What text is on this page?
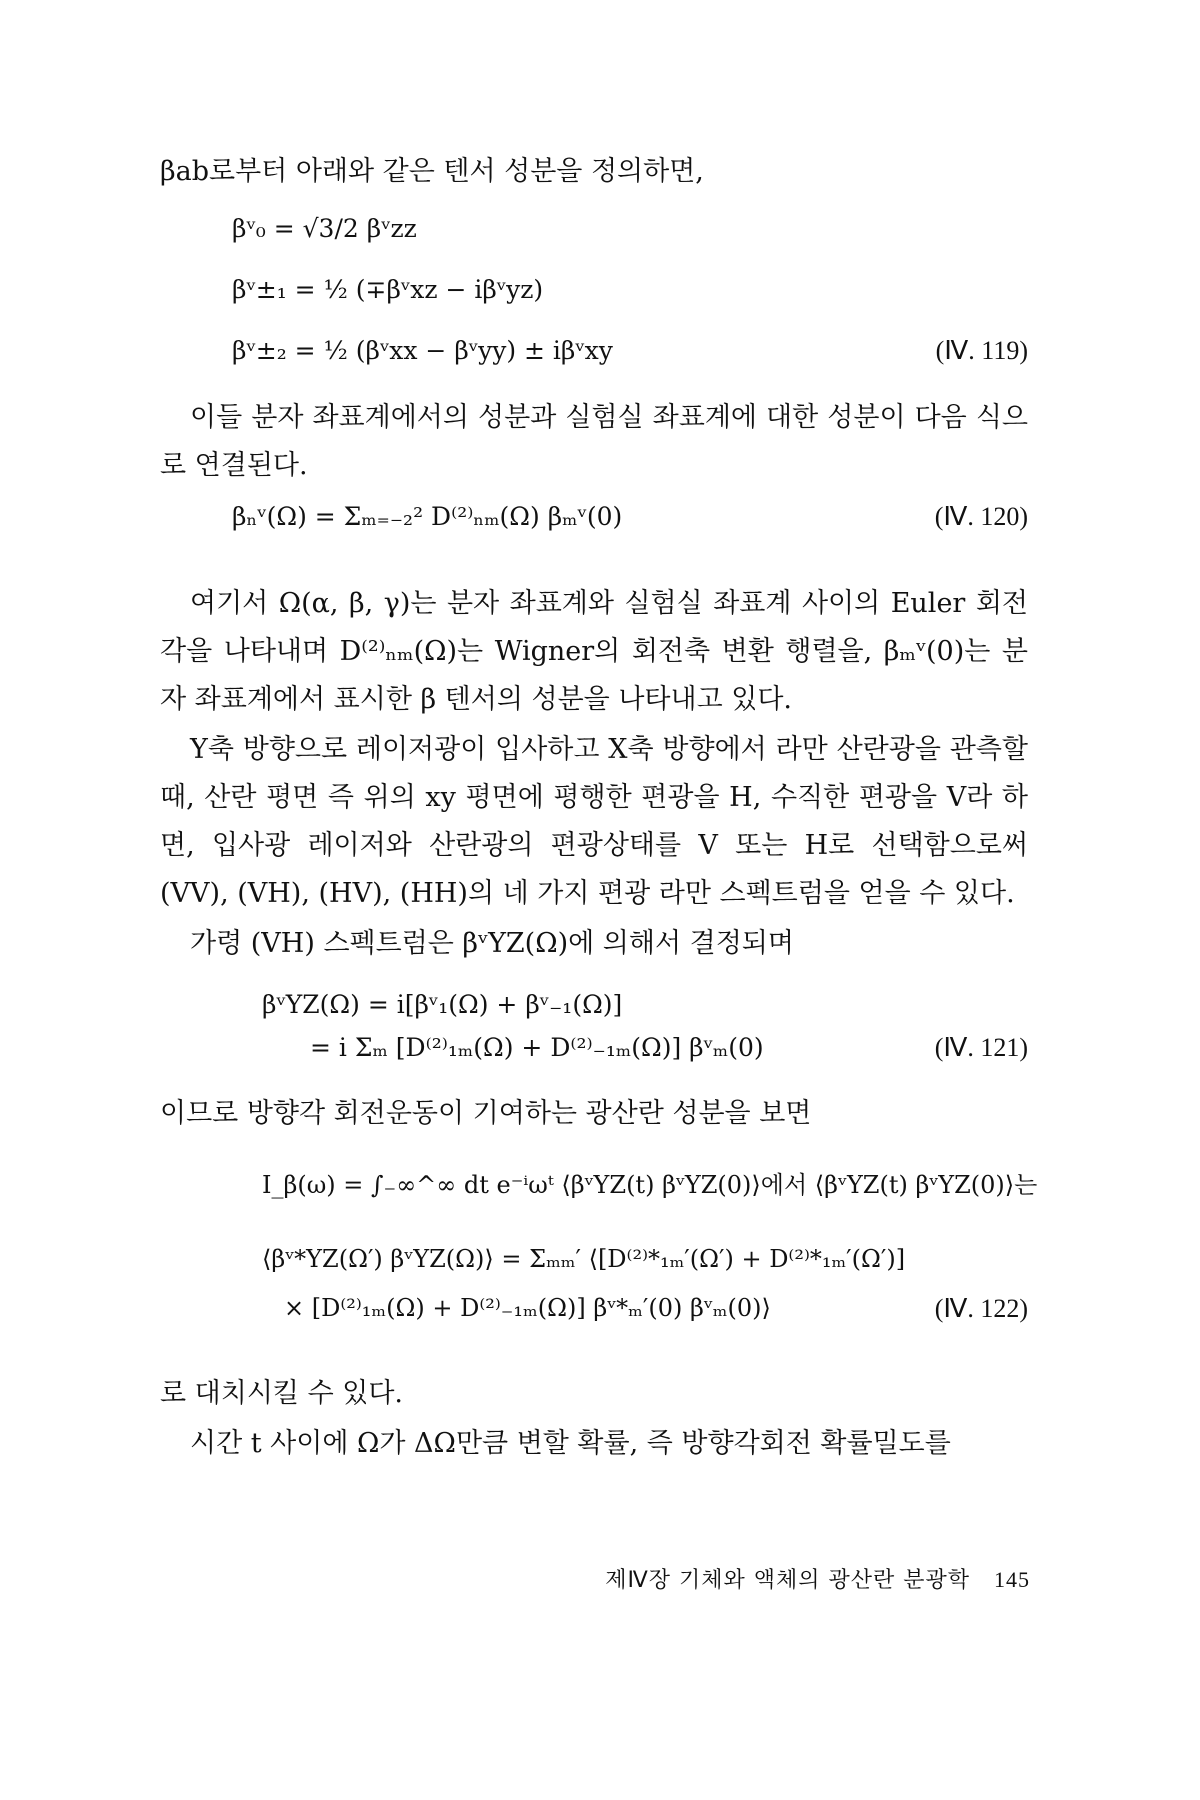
βab로부터 아래와 같은 텐서 성분을 정의하면,

βᵛ₀ = √3/2 βᵛzz
βᵛ±₁ = ½ (∓βᵛxz − iβᵛyz)
βᵛ±₂ = ½ (βᵛxx − βᵛyy) ± iβᵛxy	(Ⅳ. 119)

이들 분자 좌표계에서의 성분과 실험실 좌표계에 대한 성분이 다음 식으로 연결된다.

βₙᵛ(Ω) = Σₘ₌₋₂² D⁽²⁾ₙₘ(Ω) βₘᵛ(0)	(Ⅳ. 120)

여기서 Ω(α, β, γ)는 분자 좌표계와 실험실 좌표계 사이의 Euler 회전각을 나타내며 D⁽²⁾ₙₘ(Ω)는 Wigner의 회전축 변환 행렬을, βₘᵛ(0)는 분자 좌표계에서 표시한 β 텐서의 성분을 나타내고 있다.

Y축 방향으로 레이저광이 입사하고 X축 방향에서 라만 산란광을 관측할 때, 산란 평면 즉 위의 xy 평면에 평행한 편광을 H, 수직한 편광을 V라 하면, 입사광 레이저와 산란광의 편광상태를 V 또는 H로 선택함으로써 (VV), (VH), (HV), (HH)의 네 가지 편광 라만 스펙트럼을 얻을 수 있다.

가령 (VH) 스펙트럼은 βᵛYZ(Ω)에 의해서 결정되며

βᵛYZ(Ω) = i[βᵛ₁(Ω) + βᵛ₋₁(Ω)]
= i Σₘ [D⁽²⁾₁ₘ(Ω) + D⁽²⁾₋₁ₘ(Ω)] βᵛₘ(0)	(Ⅳ. 121)

이므로 방향각 회전운동이 기여하는 광산란 성분을 보면

I_β(ω) = ∫₋∞^∞ dt e⁻ⁱωᵗ ⟨βᵛYZ(t) βᵛYZ(0)⟩에서 ⟨βᵛYZ(t) βᵛYZ(0)⟩는
⟨βᵛ*YZ(Ω′) βᵛYZ(Ω)⟩ = Σₘₘ′ ⟨[D⁽²⁾*₁ₘ′(Ω′) + D⁽²⁾*₁ₘ′(Ω′)]
× [D⁽²⁾₁ₘ(Ω) + D⁽²⁾₋₁ₘ(Ω)] βᵛ*ₘ′(0) βᵛₘ(0)⟩	(Ⅳ. 122)

로 대치시킬 수 있다.

시간 t 사이에 Ω가 ΔΩ만큼 변할 확률, 즉 방향각회전 확률밀도를

제Ⅳ장 기체와 액체의 광산란 분광학 145
